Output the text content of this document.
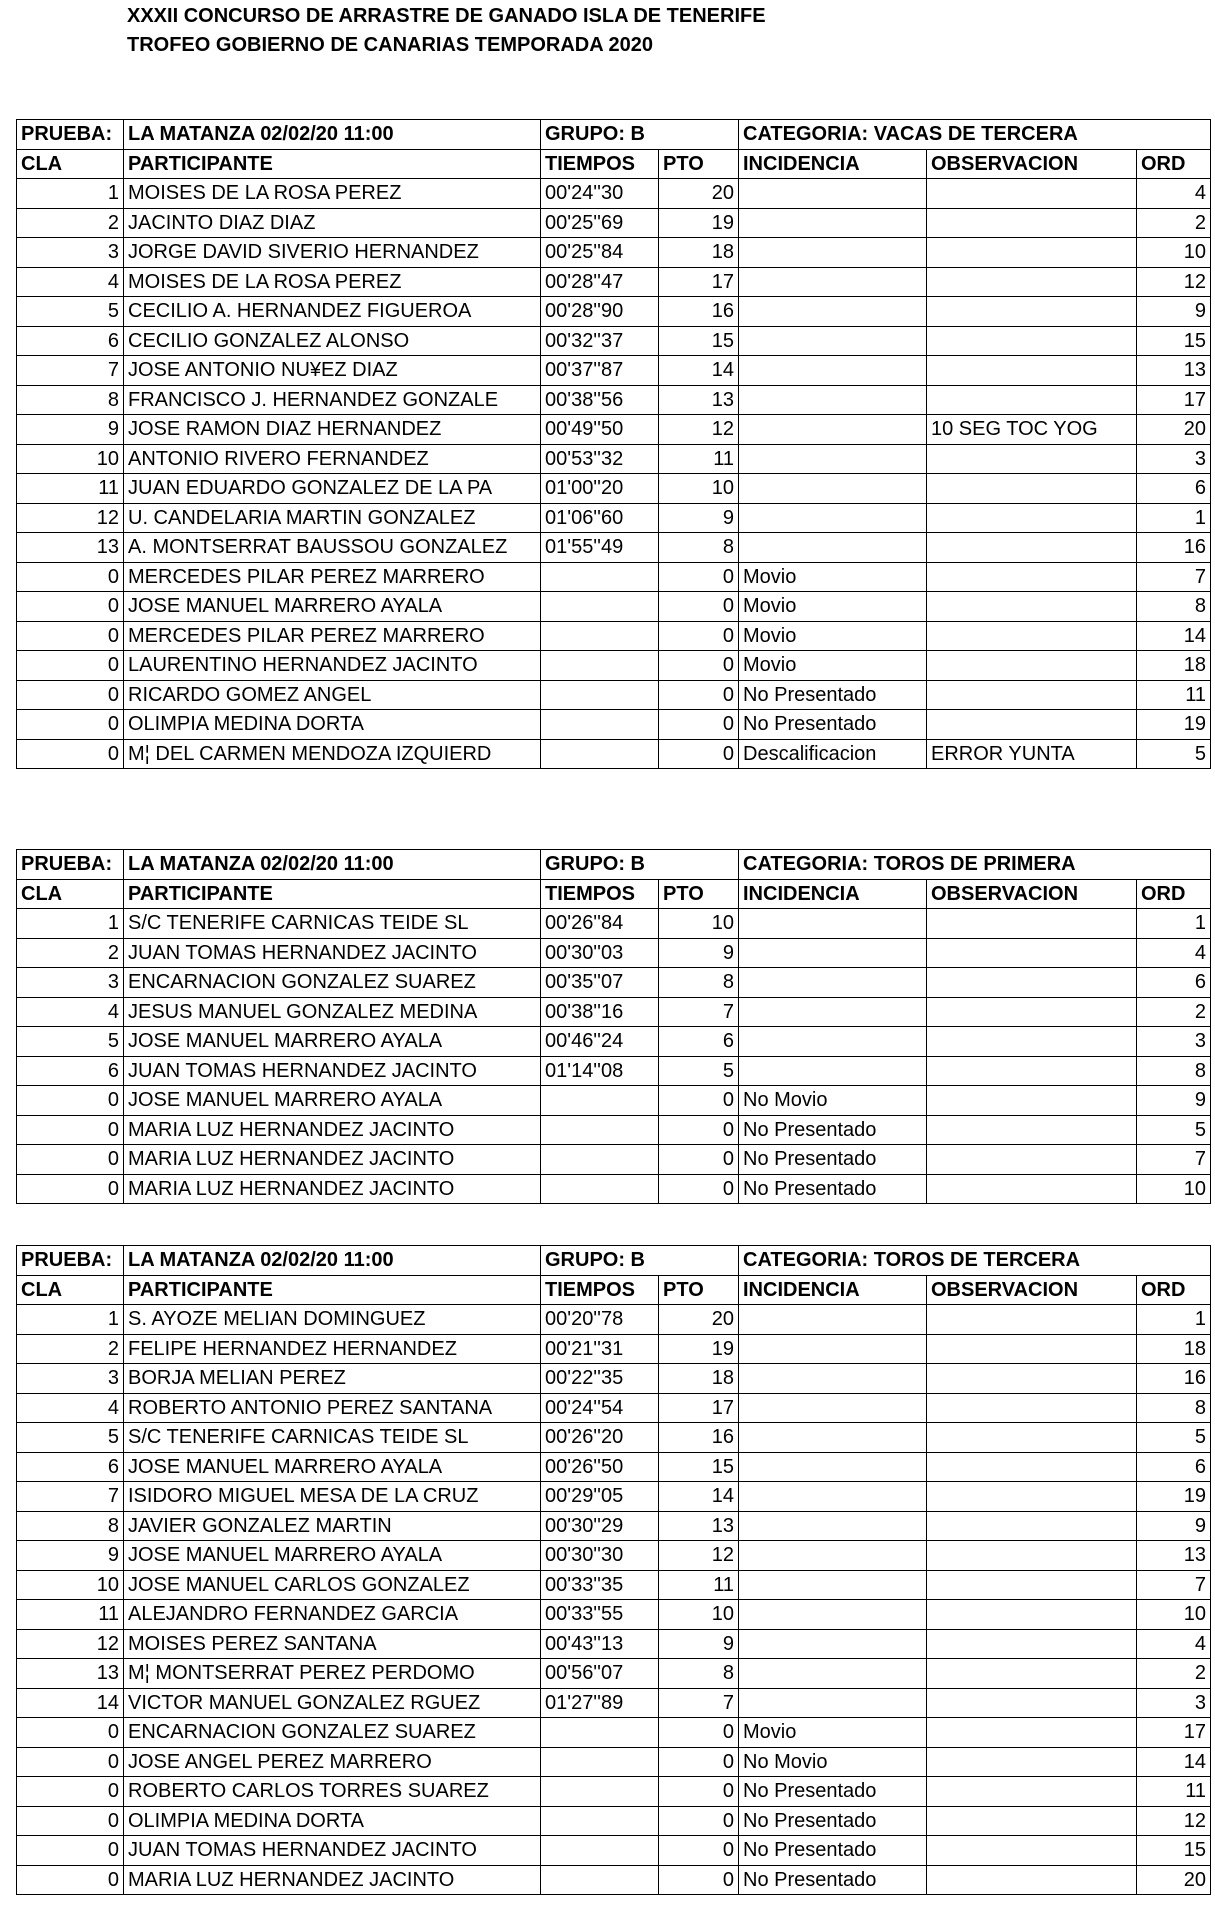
XXXII CONCURSO DE ARRASTRE DE GANADO ISLA DE TENERIFE
TROFEO GOBIERNO DE CANARIAS TEMPORADA 2020
PRUEBA:	LA MATANZA 02/02/20 11:00	GRUPO: B		CATEGORIA: VACAS DE TERCERA		
CLA	PARTICIPANTE	TIEMPOS	PTO	INCIDENCIA	OBSERVACION	ORD
1	MOISES DE LA ROSA PEREZ	00'24''30	20			4
2	JACINTO DIAZ DIAZ	00'25''69	19			2
3	JORGE DAVID SIVERIO HERNANDEZ	00'25''84	18			10
4	MOISES DE LA ROSA PEREZ	00'28''47	17			12
5	CECILIO A. HERNANDEZ FIGUEROA	00'28''90	16			9
6	CECILIO GONZALEZ ALONSO	00'32''37	15			15
7	JOSE ANTONIO NU¥EZ DIAZ	00'37''87	14			13
8	FRANCISCO J. HERNANDEZ GONZALE	00'38''56	13			17
9	JOSE RAMON DIAZ HERNANDEZ	00'49''50	12		10 SEG TOC YOG	20
10	ANTONIO RIVERO FERNANDEZ	00'53''32	11			3
11	JUAN EDUARDO GONZALEZ DE LA PA	01'00''20	10			6
12	U. CANDELARIA MARTIN GONZALEZ	01'06''60	9			1
13	A. MONTSERRAT BAUSSOU GONZALEZ	01'55''49	8			16
0	MERCEDES PILAR PEREZ MARRERO		0	Movio		7
0	JOSE MANUEL MARRERO AYALA		0	Movio		8
0	MERCEDES PILAR PEREZ MARRERO		0	Movio		14
0	LAURENTINO HERNANDEZ JACINTO		0	Movio		18
0	RICARDO GOMEZ ANGEL		0	No Presentado		11
0	OLIMPIA MEDINA DORTA		0	No Presentado		19
0	M¦ DEL CARMEN MENDOZA IZQUIERD		0	Descalificacion	ERROR YUNTA	5
PRUEBA:	LA MATANZA 02/02/20 11:00	GRUPO: B		CATEGORIA: TOROS DE PRIMERA		
CLA	PARTICIPANTE	TIEMPOS	PTO	INCIDENCIA	OBSERVACION	ORD
1	S/C TENERIFE CARNICAS TEIDE SL	00'26''84	10			1
2	JUAN TOMAS HERNANDEZ JACINTO	00'30''03	9			4
3	ENCARNACION GONZALEZ SUAREZ	00'35''07	8			6
4	JESUS MANUEL GONZALEZ MEDINA	00'38''16	7			2
5	JOSE MANUEL MARRERO AYALA	00'46''24	6			3
6	JUAN TOMAS HERNANDEZ JACINTO	01'14''08	5			8
0	JOSE MANUEL MARRERO AYALA		0	No Movio		9
0	MARIA LUZ HERNANDEZ JACINTO		0	No Presentado		5
0	MARIA LUZ HERNANDEZ JACINTO		0	No Presentado		7
0	MARIA LUZ HERNANDEZ JACINTO		0	No Presentado		10
PRUEBA:	LA MATANZA 02/02/20 11:00	GRUPO: B		CATEGORIA: TOROS DE TERCERA		
CLA	PARTICIPANTE	TIEMPOS	PTO	INCIDENCIA	OBSERVACION	ORD
1	S. AYOZE MELIAN DOMINGUEZ	00'20''78	20			1
2	FELIPE HERNANDEZ HERNANDEZ	00'21''31	19			18
3	BORJA MELIAN PEREZ	00'22''35	18			16
4	ROBERTO ANTONIO PEREZ SANTANA	00'24''54	17			8
5	S/C TENERIFE CARNICAS TEIDE SL	00'26''20	16			5
6	JOSE MANUEL MARRERO AYALA	00'26''50	15			6
7	ISIDORO MIGUEL MESA DE LA CRUZ	00'29''05	14			19
8	JAVIER GONZALEZ MARTIN	00'30''29	13			9
9	JOSE MANUEL MARRERO AYALA	00'30''30	12			13
10	JOSE MANUEL CARLOS GONZALEZ	00'33''35	11			7
11	ALEJANDRO FERNANDEZ GARCIA	00'33''55	10			10
12	MOISES PEREZ SANTANA	00'43''13	9			4
13	M¦ MONTSERRAT PEREZ PERDOMO	00'56''07	8			2
14	VICTOR MANUEL GONZALEZ RGUEZ	01'27''89	7			3
0	ENCARNACION GONZALEZ SUAREZ		0	Movio		17
0	JOSE ANGEL PEREZ MARRERO		0	No Movio		14
0	ROBERTO CARLOS TORRES SUAREZ		0	No Presentado		11
0	OLIMPIA MEDINA DORTA		0	No Presentado		12
0	JUAN TOMAS HERNANDEZ JACINTO		0	No Presentado		15
0	MARIA LUZ HERNANDEZ JACINTO		0	No Presentado		20
